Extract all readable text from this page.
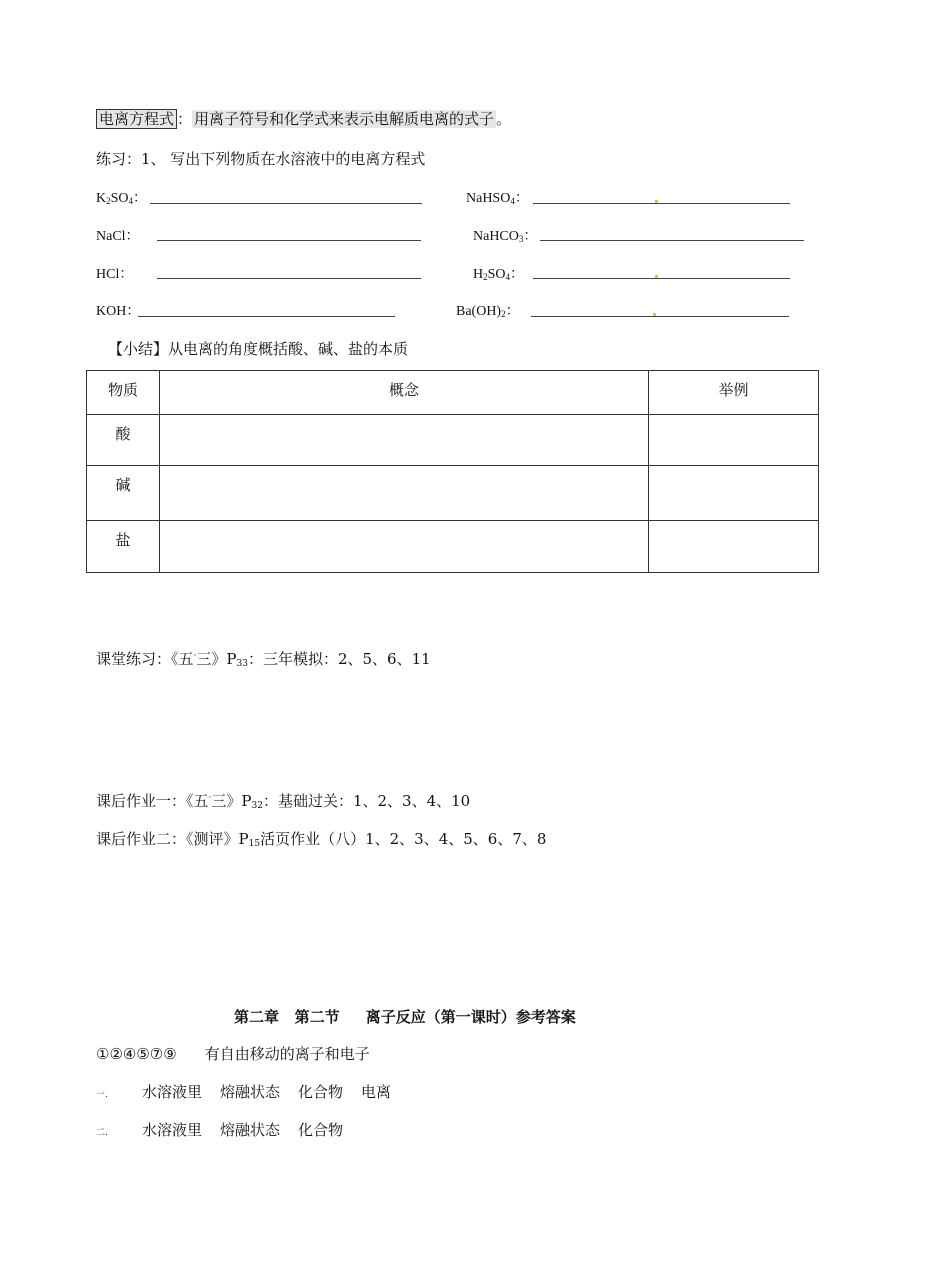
电离方程式 ： 用离子符号和化学式来表示电解质电离的式子 。
练习：1、 写出下列物质在水溶液中的电离方程式
$K_2SO_4$：	NaHSO$_4$：
NaCl：	NaHCO$_3$：
HCl：	$H_2SO_4$：
KOH：	$Ba(OH)_2$：
【小结】从电离的角度概括酸、碱、盐的本质
物质	概念	举例
酸		
碱		
盐		
课堂练习：《五·三》$P_{33}$：三年模拟：2、5、6、11
课后作业一：《五·三》$P_{32}$：基础过关：1、2、3、4、10
课后作业二：《测评》$P_{15}$活页作业（八）1、2、3、4、5、6、7、8
第二章   第二节     离子反应（第一课时）参考答案
①②④⑤⑦⑨ 有自由移动的离子和电子
一. 水溶液里 熔融状态 化合物 电离
二. 水溶液里 熔融状态 化合物
